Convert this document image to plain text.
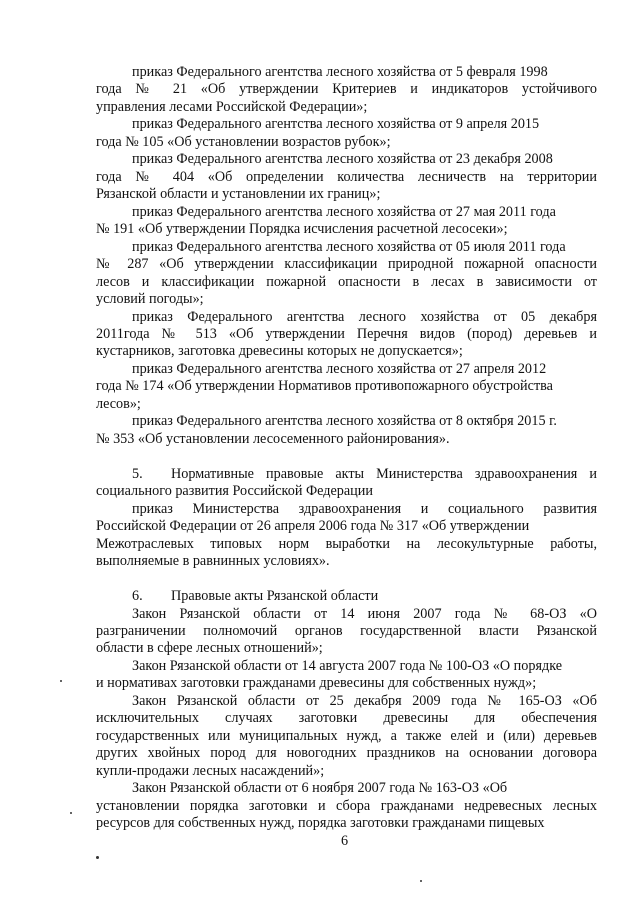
приказ Федерального агентства лесного хозяйства от 5 февраля 1998
года № 21 «Об утверждении Критериев и индикаторов устойчивого
управления лесами Российской Федерации»;
приказ Федерального агентства лесного хозяйства от 9 апреля 2015
года № 105 «Об установлении возрастов рубок»;
приказ Федерального агентства лесного хозяйства от 23 декабря 2008
года № 404 «Об определении количества лесничеств на территории
Рязанской области и установлении их границ»;
приказ Федерального агентства лесного хозяйства от 27 мая 2011 года
№ 191 «Об утверждении Порядка исчисления расчетной лесосеки»;
приказ Федерального агентства лесного хозяйства от 05 июля 2011 года
№ 287 «Об утверждении классификации природной пожарной опасности
лесов и классификации пожарной опасности в лесах в зависимости от
условий погоды»;
приказ Федерального агентства лесного хозяйства от 05 декабря
2011года № 513 «Об утверждении Перечня видов (пород) деревьев и
кустарников, заготовка древесины которых не допускается»;
приказ Федерального агентства лесного хозяйства от 27 апреля 2012
года № 174 «Об утверждении Нормативов противопожарного обустройства
лесов»;
приказ Федерального агентства лесного хозяйства от 8 октября 2015 г.
№ 353 «Об установлении лесосеменного районирования».
5. Нормативные правовые акты Министерства здравоохранения и
социального развития Российской Федерации
приказ Министерства здравоохранения и социального развития
Российской Федерации от 26 апреля 2006 года № 317 «Об утверждении
Межотраслевых типовых норм выработки на лесокультурные работы,
выполняемые в равнинных условиях».
6. Правовые акты Рязанской области
Закон Рязанской области от 14 июня 2007 года № 68-ОЗ «О
разграничении полномочий органов государственной власти Рязанской
области в сфере лесных отношений»;
Закон Рязанской области от 14 августа 2007 года № 100-ОЗ «О порядке
и нормативах заготовки гражданами древесины для собственных нужд»;
Закон Рязанской области от 25 декабря 2009 года № 165-ОЗ «Об
исключительных случаях заготовки древесины для обеспечения
государственных или муниципальных нужд, а также елей и (или) деревьев
других хвойных пород для новогодних праздников на основании договора
купли-продажи лесных насаждений»;
Закон Рязанской области от 6 ноября 2007 года № 163-ОЗ «Об
установлении порядка заготовки и сбора гражданами недревесных лесных
ресурсов для собственных нужд, порядка заготовки гражданами пищевых
6
